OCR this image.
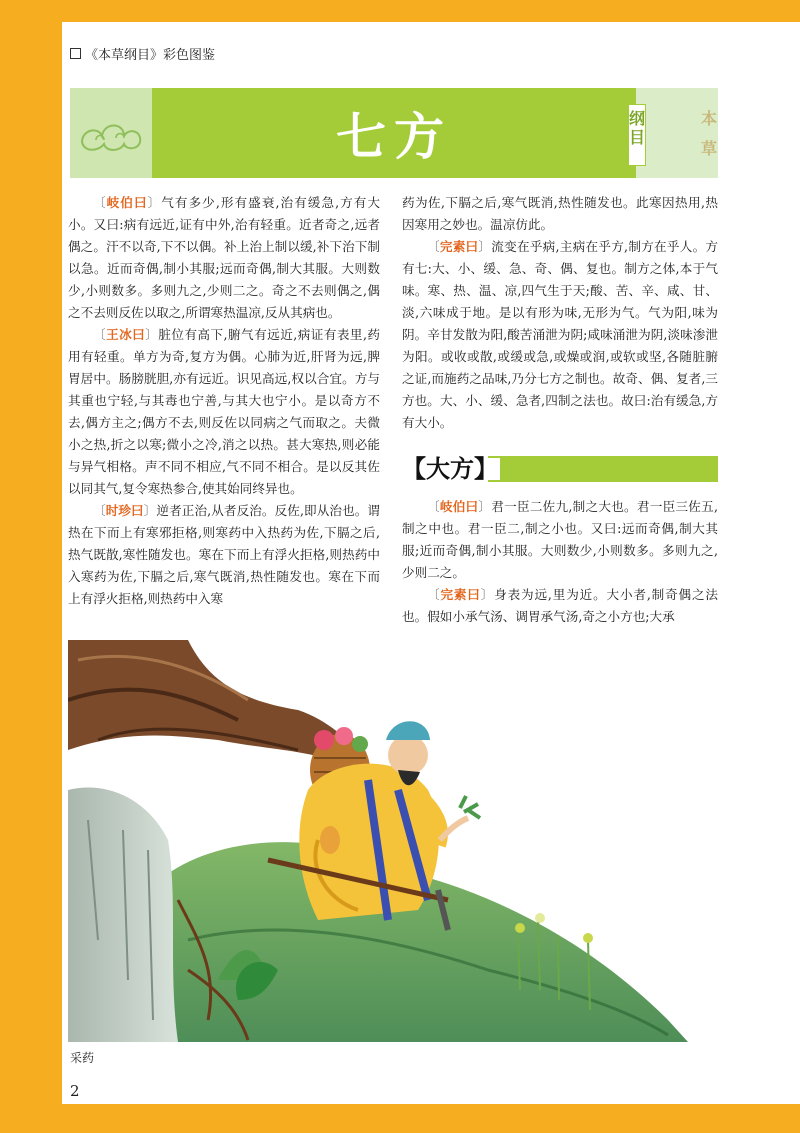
《本草纲目》彩色图鉴
七方	纲目
本草

〔岐伯曰〕气有多少,形有盛衰,治有缓急,方有大小。又曰:病有远近,证有中外,治有轻重。近者奇之,远者偶之。汗不以奇,下不以偶。补上治上制以缓,补下治下制以急。近而奇偶,制小其服;远而奇偶,制大其服。大则数少,小则数多。多则九之,少则二之。奇之不去则偶之,偶之不去则反佐以取之,所谓寒热温凉,反从其病也。

〔王冰曰〕脏位有高下,腑气有远近,病证有表里,药用有轻重。单方为奇,复方为偶。心肺为近,肝肾为远,脾胃居中。肠膀胱胆,亦有远近。识见高远,权以合宜。方与其重也宁轻,与其毒也宁善,与其大也宁小。是以奇方不去,偶方主之;偶方不去,则反佐以同病之气而取之。夫微小之热,折之以寒;微小之冷,消之以热。甚大寒热,则必能与异气相格。声不同不相应,气不同不相合。是以反其佐以同其气,复令寒热参合,使其始同终异也。

〔时珍曰〕逆者正治,从者反治。反佐,即从治也。谓热在下而上有寒邪拒格,则寒药中入热药为佐,下膈之后,热气既散,寒性随发也。寒在下而上有浮火拒格,则热药中入寒药为佐,下膈之后,寒气既消,热性随发也。寒在下而上有浮火拒格,则热药中入寒

药为佐,下膈之后,寒气既消,热性随发也。此寒因热用,热因寒用之妙也。温凉仿此。

〔完素曰〕流变在乎病,主病在乎方,制方在乎人。方有七:大、小、缓、急、奇、偶、复也。制方之体,本于气味。寒、热、温、凉,四气生于天;酸、苦、辛、咸、甘、淡,六味成于地。是以有形为味,无形为气。气为阳,味为阴。辛甘发散为阳,酸苦涌泄为阴;咸味涌泄为阴,淡味渗泄为阳。或收或散,或缓或急,或燥或润,或软或坚,各随脏腑之证,而施药之品味,乃分七方之制也。故奇、偶、复者,三方也。大、小、缓、急者,四制之法也。故曰:治有缓急,方有大小。

【大方】

〔岐伯曰〕君一臣二佐九,制之大也。君一臣三佐五,制之中也。君一臣二,制之小也。又曰:远而奇偶,制大其服;近而奇偶,制小其服。大则数少,小则数多。多则九之,少则二之。

〔完素曰〕身表为远,里为近。大小者,制奇偶之法也。假如小承气汤、调胃承气汤,奇之小方也;大承

采药
2
